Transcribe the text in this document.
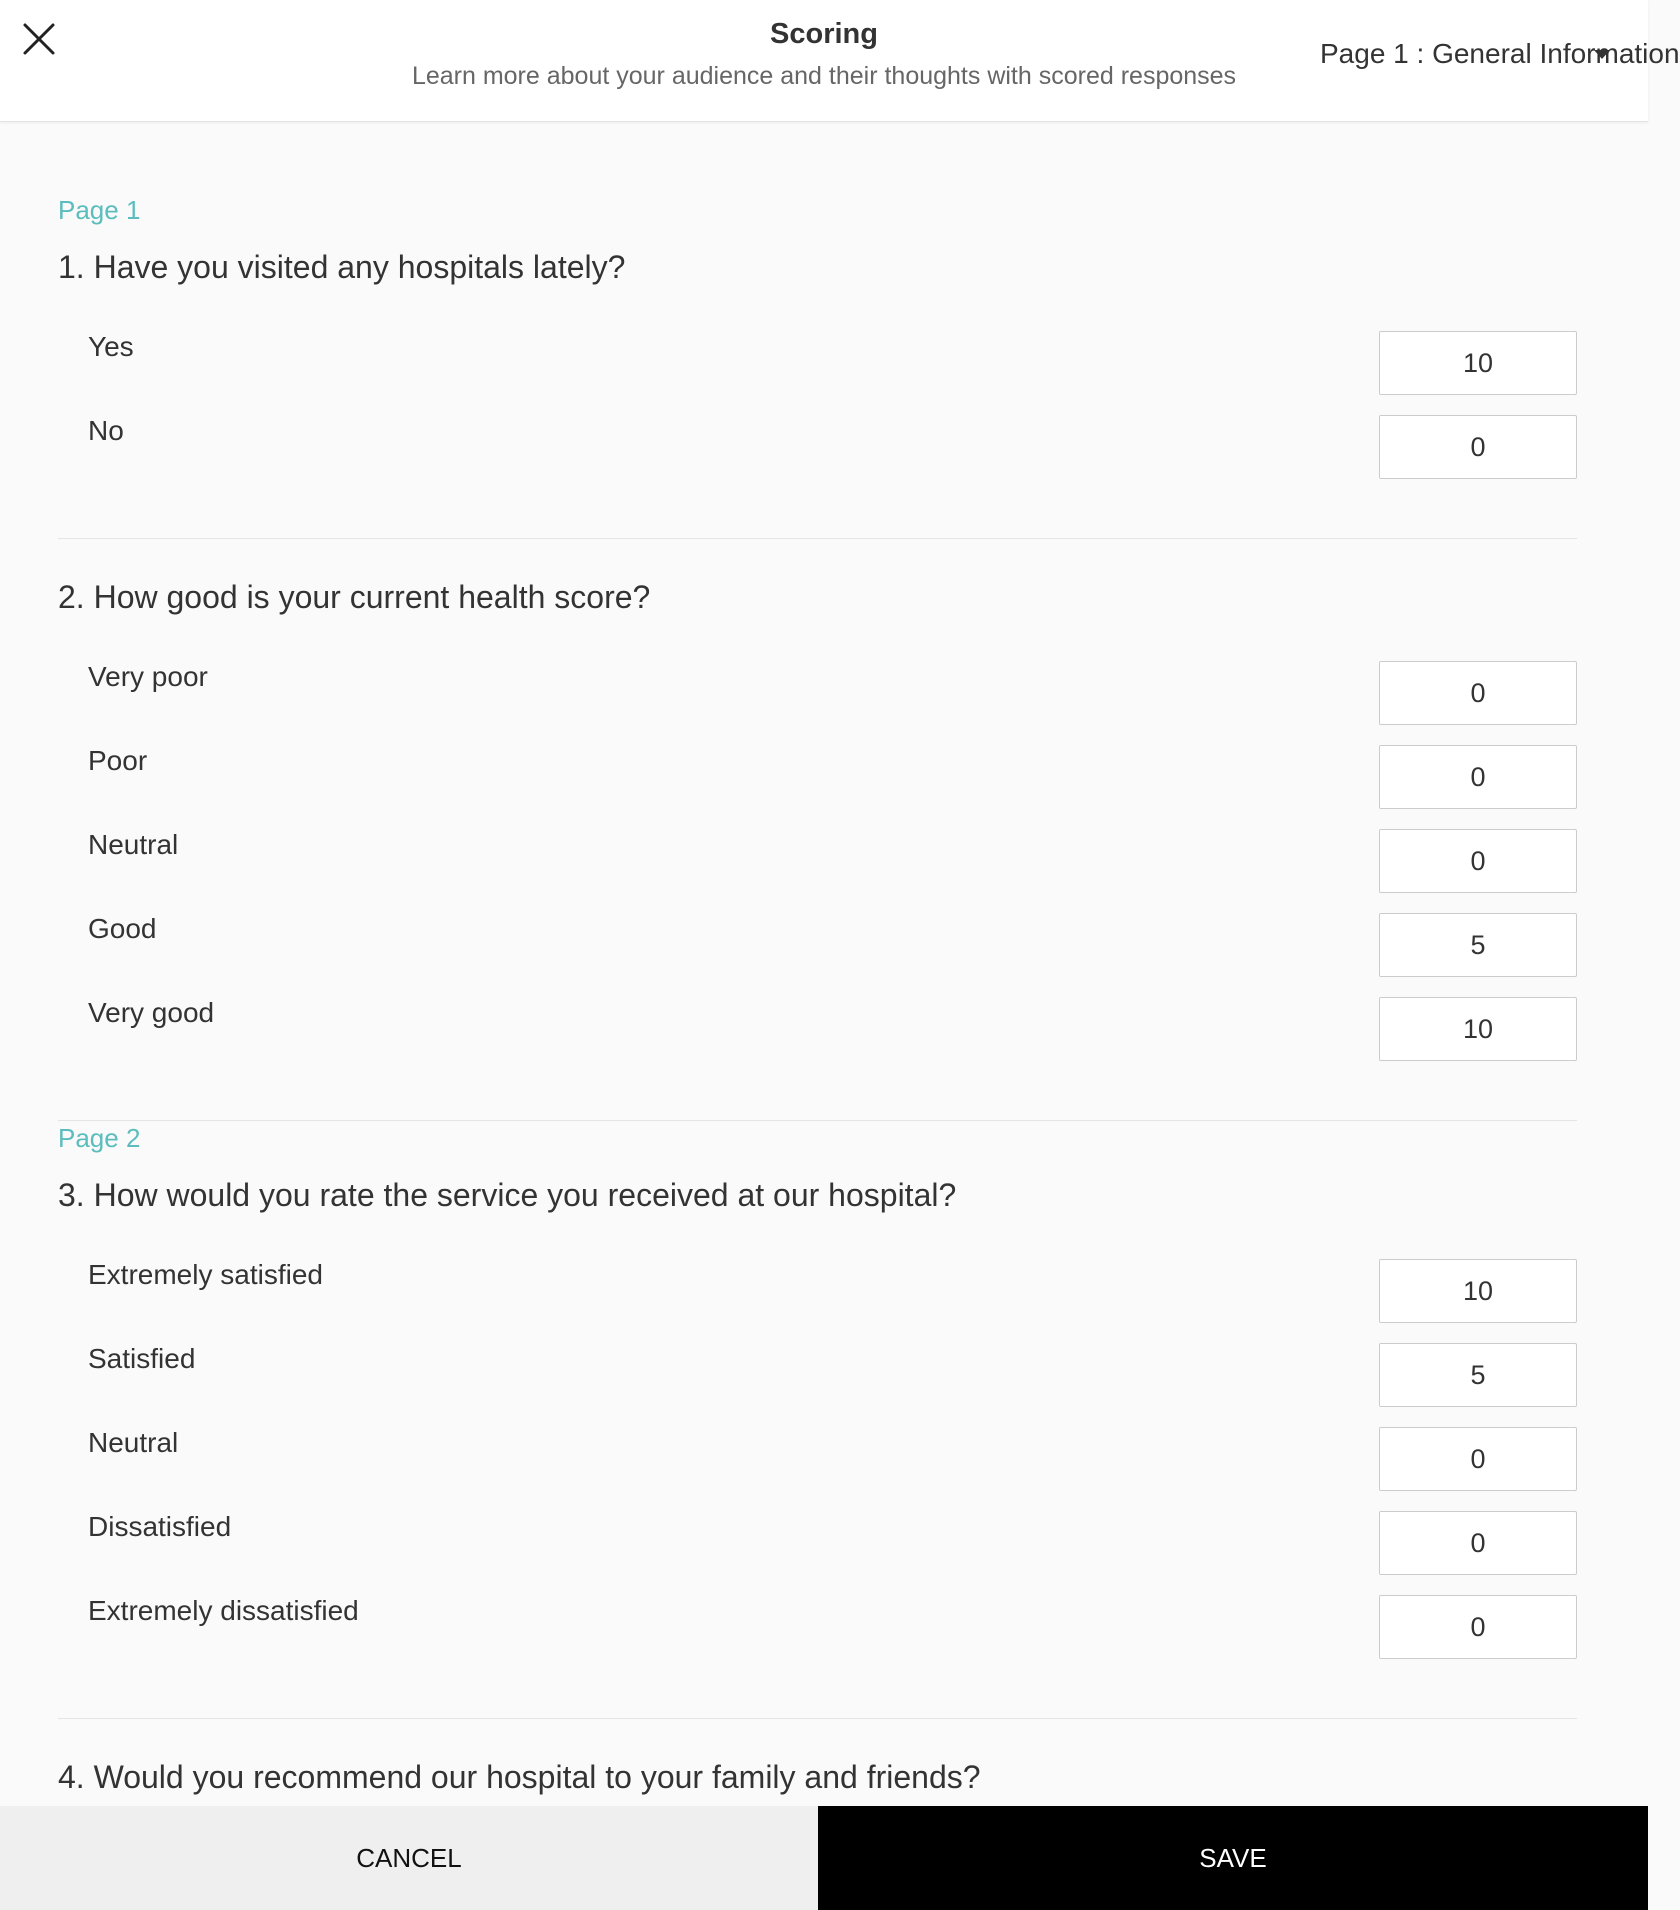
Scoring
Learn more about your audience and their thoughts with scored responses
Page 1 : General Information
Page 1
1. Have you visited any hospitals lately?
Yes
10
No
0
2. How good is your current health score?
Very poor
0
Poor
0
Neutral
0
Good
5
Very good
10
Page 2
3. How would you rate the service you received at our hospital?
Extremely satisfied
10
Satisfied
5
Neutral
0
Dissatisfied
0
Extremely dissatisfied
0
4. Would you recommend our hospital to your family and friends?
CANCEL	SAVE
